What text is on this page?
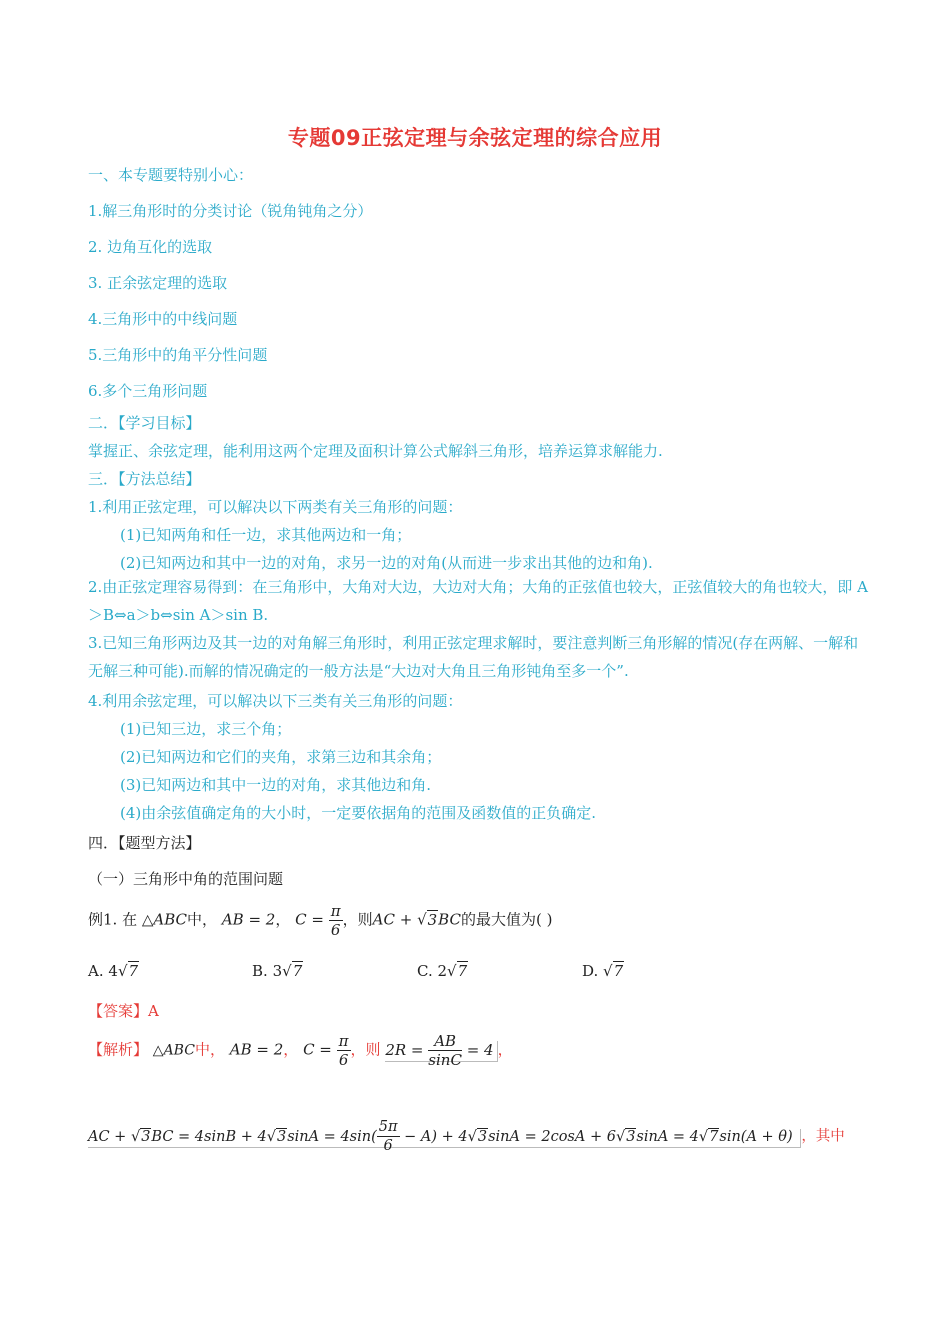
专题09正弦定理与余弦定理的综合应用
一、本专题要特别小心：
1.解三角形时的分类讨论（锐角钝角之分）
2. 边角互化的选取
3. 正余弦定理的选取
4.三角形中的中线问题
5.三角形中的角平分性问题
6.多个三角形问题
二．【学习目标】
掌握正、余弦定理，能利用这两个定理及面积计算公式解斜三角形，培养运算求解能力.
三．【方法总结】
1.利用正弦定理，可以解决以下两类有关三角形的问题：
(1)已知两角和任一边，求其他两边和一角；
(2)已知两边和其中一边的对角，求另一边的对角(从而进一步求出其他的边和角).
2.由正弦定理容易得到：在三角形中，大角对大边，大边对大角；大角的正弦值也较大，正弦值较大的角也较大，即 A＞B⇔a＞b⇔sin A＞sin B.
3.已知三角形两边及其一边的对角解三角形时，利用正弦定理求解时，要注意判断三角形解的情况(存在两解、一解和无解三种可能).而解的情况确定的一般方法是“大边对大角且三角形钝角至多一个”.
4.利用余弦定理，可以解决以下三类有关三角形的问题：
(1)已知三边，求三个角；
(2)已知两边和它们的夹角，求第三边和其余角；
(3)已知两边和其中一边的对角，求其他边和角.
(4)由余弦值确定角的大小时，一定要依据角的范围及函数值的正负确定.
四．【题型方法】
（一）三角形中角的范围问题
例1. 在 △ABC中， AB = 2， $C = \frac{\pi}{6}$ ，则AC + √3BC的最大值为( )
A. 4√7	B. 3√7	C. 2√7	D. √7
【答案】A
【解析】 △ABC中， AB = 2， $C = \frac{\pi}{6}$ ，则 $2R = \frac{AB}{\sin C} = 4$ ，
AC + $√3BC = 4\sin B + 4√3\sin A = 4\sin( \frac{5\pi}{6} - A) + 4√3\sin A = 2\cos A + 6√3\sin A = 4√7\sin(A + \theta)$ ，其中
